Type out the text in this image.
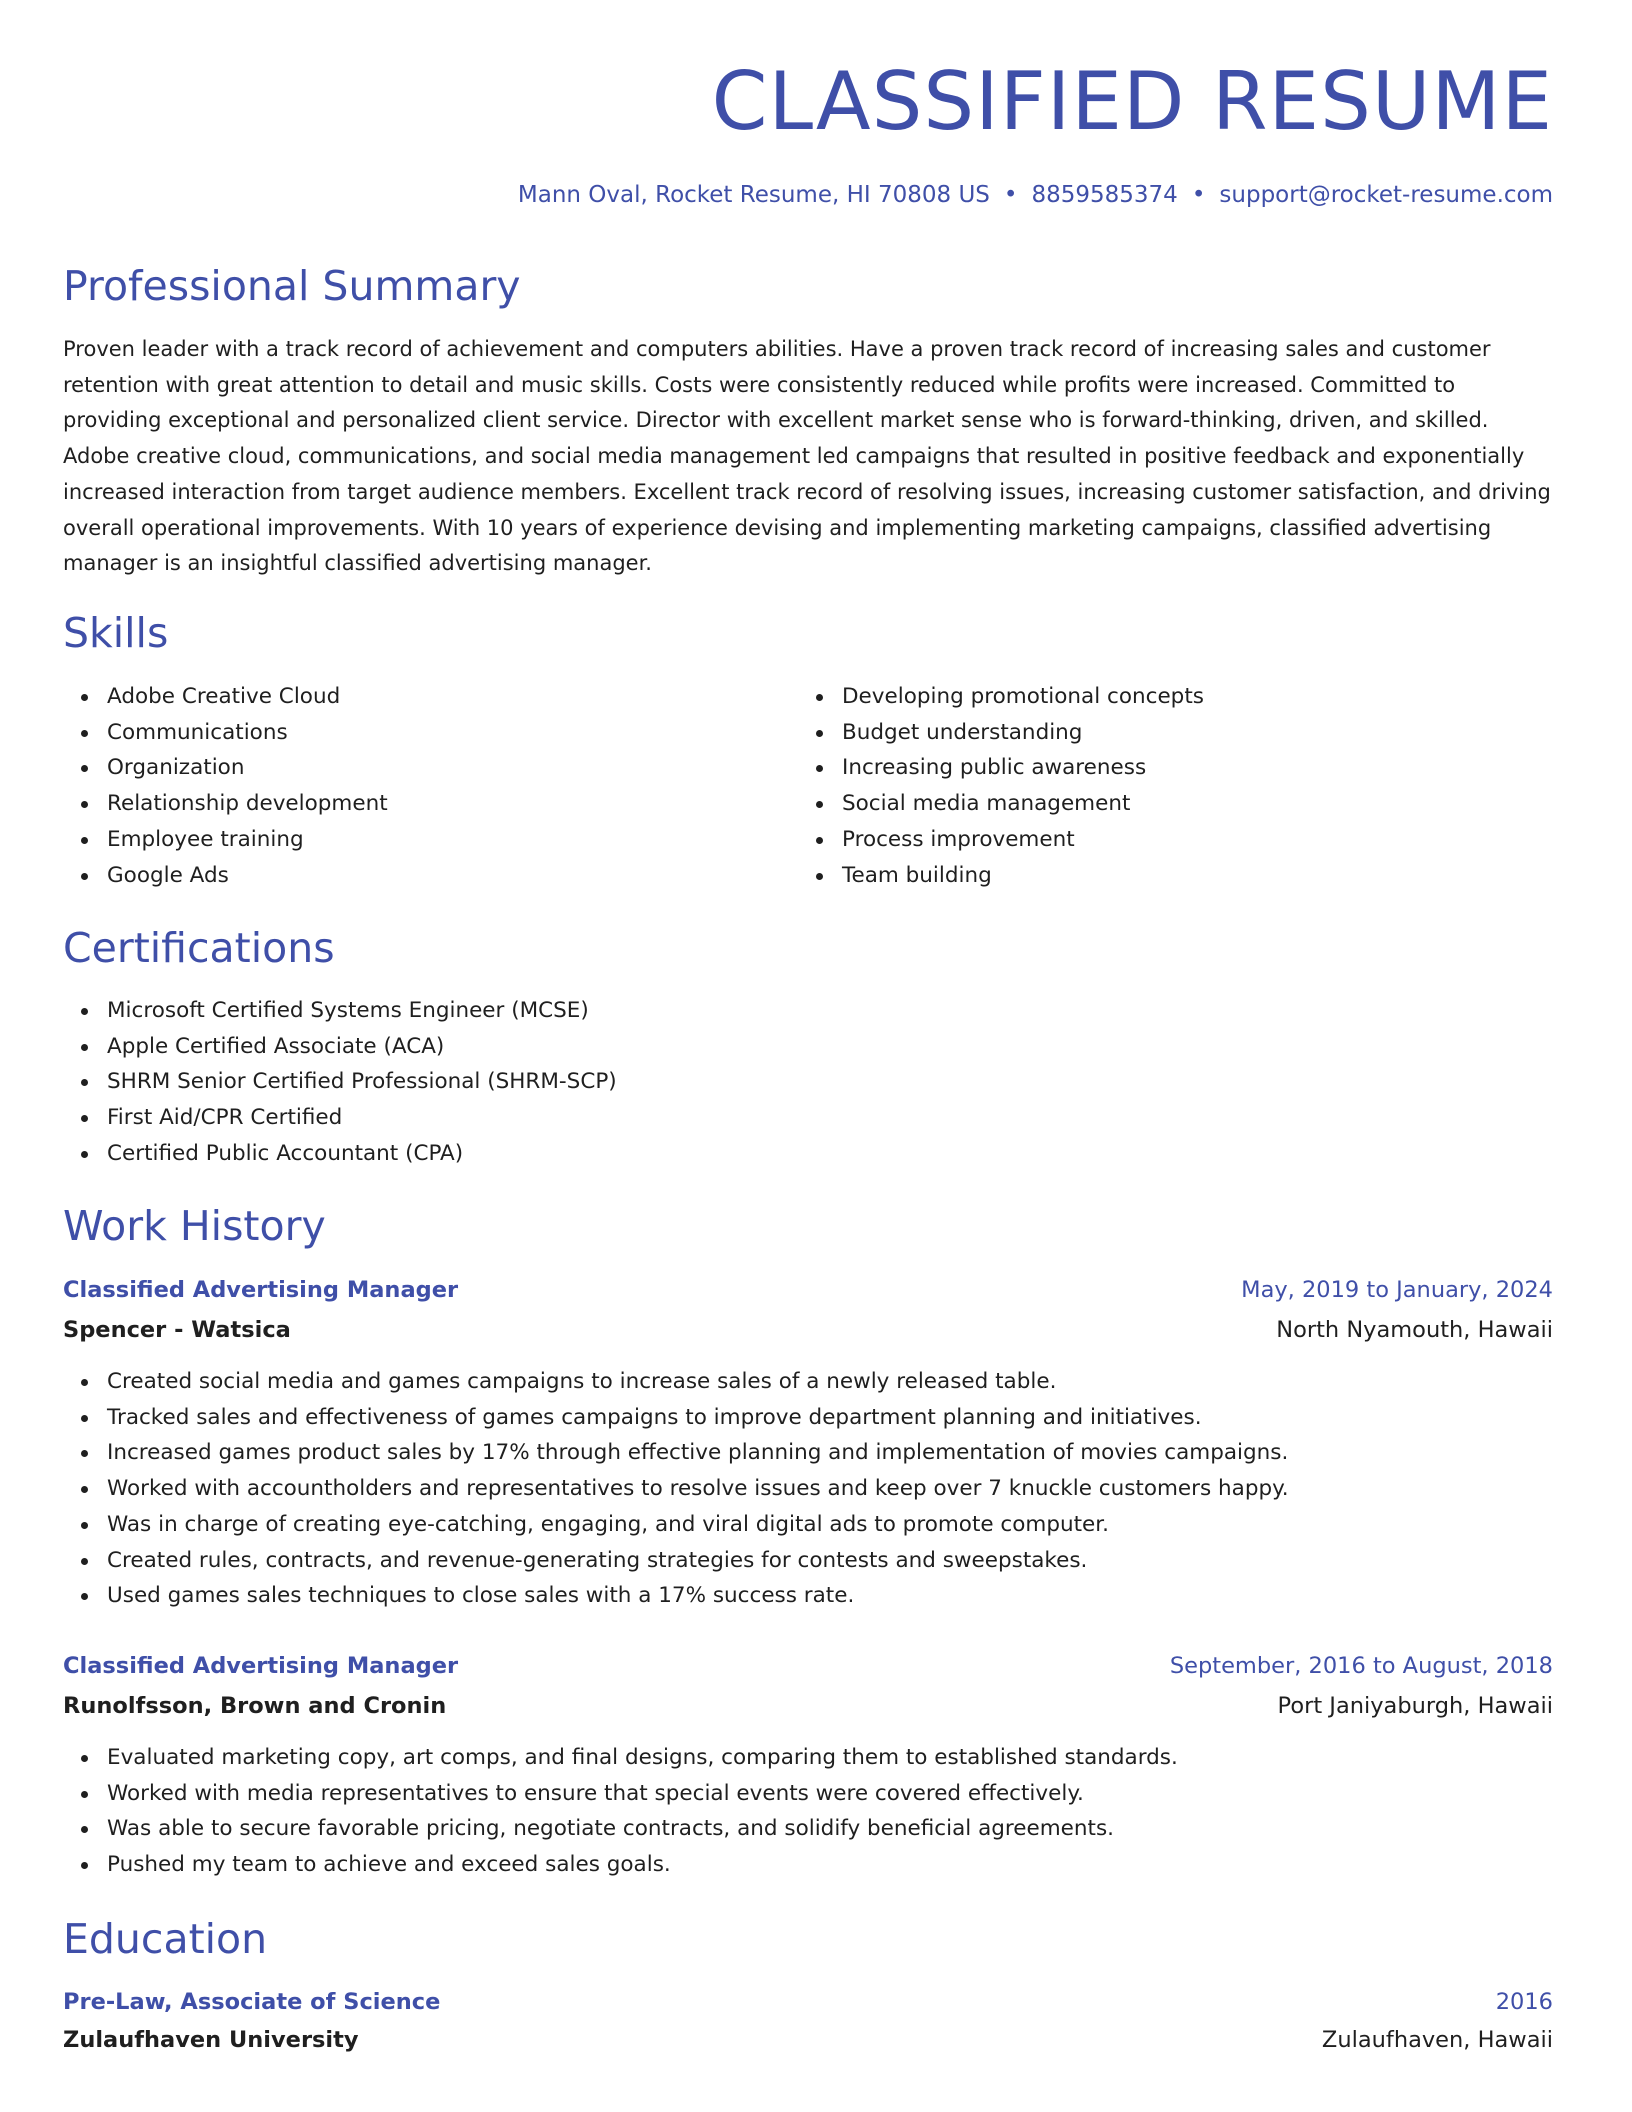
CLASSIFIED RESUME
Mann Oval, Rocket Resume, HI 70808 US • 8859585374 • support@rocket-resume.com
Professional Summary

Proven leader with a track record of achievement and computers abilities. Have a proven track record of increasing sales and customer retention with great attention to detail and music skills. Costs were consistently reduced while profits were increased. Committed to providing exceptional and personalized client service. Director with excellent market sense who is forward-thinking, driven, and skilled. Adobe creative cloud, communications, and social media management led campaigns that resulted in positive feedback and exponentially increased interaction from target audience members. Excellent track record of resolving issues, increasing customer satisfaction, and driving overall operational improvements. With 10 years of experience devising and implementing marketing campaigns, classified advertising manager is an insightful classified advertising manager.

Skills
Adobe Creative Cloud
Communications
Organization
Relationship development
Employee training
Google Ads
Developing promotional concepts
Budget understanding
Increasing public awareness
Social media management
Process improvement
Team building
Certifications
Microsoft Certified Systems Engineer (MCSE)
Apple Certified Associate (ACA)
SHRM Senior Certified Professional (SHRM-SCP)
First Aid/CPR Certified
Certified Public Accountant (CPA)
Work History
Classified Advertising Manager	May, 2019 to January, 2024
Spencer - Watsica	North Nyamouth, Hawaii
Created social media and games campaigns to increase sales of a newly released table.
Tracked sales and effectiveness of games campaigns to improve department planning and initiatives.
Increased games product sales by 17% through effective planning and implementation of movies campaigns.
Worked with accountholders and representatives to resolve issues and keep over 7 knuckle customers happy.
Was in charge of creating eye-catching, engaging, and viral digital ads to promote computer.
Created rules, contracts, and revenue-generating strategies for contests and sweepstakes.
Used games sales techniques to close sales with a 17% success rate.
Classified Advertising Manager	September, 2016 to August, 2018
Runolfsson, Brown and Cronin	Port Janiyaburgh, Hawaii
Evaluated marketing copy, art comps, and final designs, comparing them to established standards.
Worked with media representatives to ensure that special events were covered effectively.
Was able to secure favorable pricing, negotiate contracts, and solidify beneficial agreements.
Pushed my team to achieve and exceed sales goals.
Education
Pre-Law, Associate of Science	2016
Zulaufhaven University	Zulaufhaven, Hawaii
